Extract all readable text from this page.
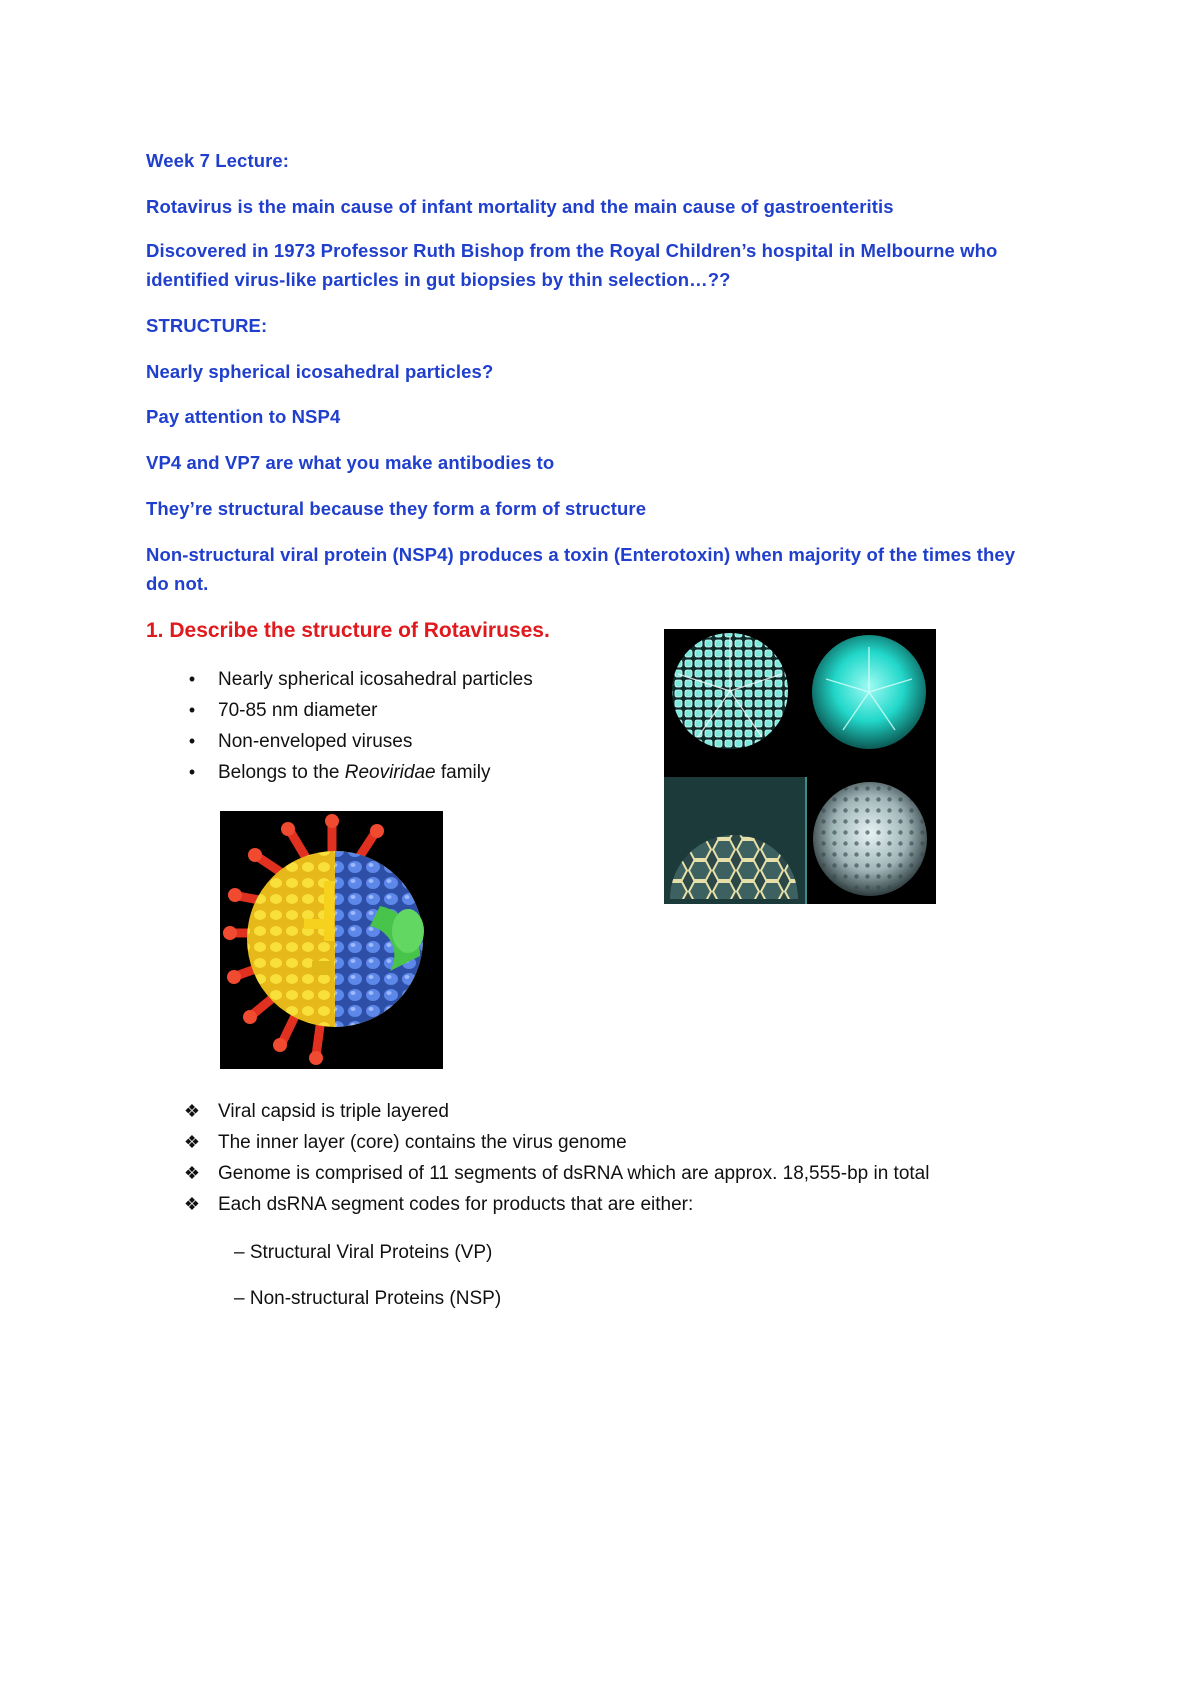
Week 7 Lecture:
Rotavirus is the main cause of infant mortality and the main cause of gastroenteritis
Discovered in 1973 Professor Ruth Bishop from the Royal Children’s hospital in Melbourne who
identified virus-like particles in gut biopsies by thin selection…??
STRUCTURE:
Nearly spherical icosahedral particles?
Pay attention to NSP4
VP4 and VP7 are what you make antibodies to
They’re structural because they form a form of structure
Non-structural viral protein (NSP4) produces a toxin (Enterotoxin) when majority of the times they
do not.
1. Describe the structure of Rotaviruses.
•	Nearly spherical icosahedral particles
•	70-85 nm diameter
•	Non-enveloped viruses
•	Belongs to the Reoviridae family
❖ Viral capsid is triple layered
❖ The inner layer (core) contains the virus genome
❖ Genome is comprised of 11 segments of dsRNA which are approx. 18,555-bp in total
❖ Each dsRNA segment codes for products that are either:
– Structural Viral Proteins (VP)
– Non-structural Proteins (NSP)
